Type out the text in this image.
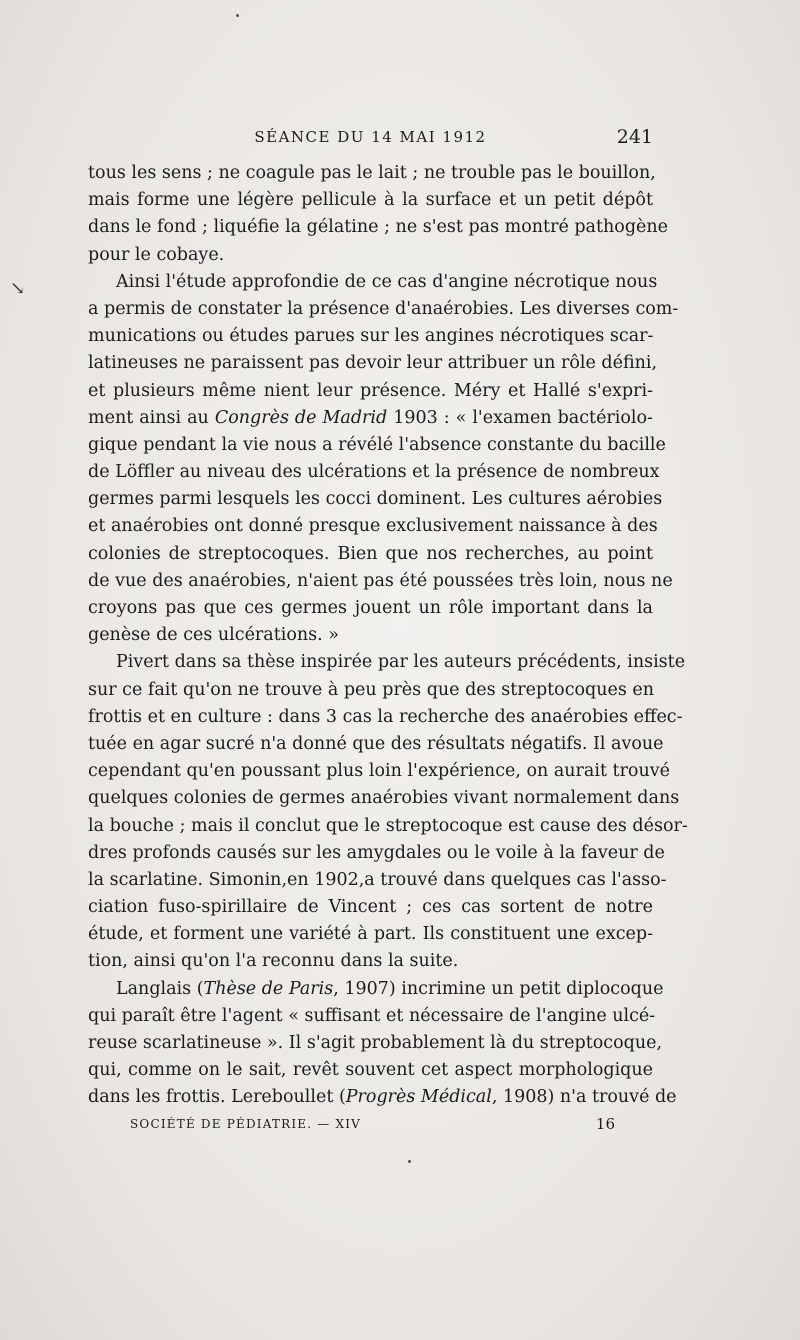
↘
SÉANCE DU 14 MAI 1912	241
tous les sens ; ne coagule pas le lait ; ne trouble pas le bouillon,
mais forme une légère pellicule à la surface et un petit dépôt
dans le fond ; liquéfie la gélatine ; ne s'est pas montré pathogène
pour le cobaye.
Ainsi l'étude approfondie de ce cas d'angine nécrotique nous
a permis de constater la présence d'anaérobies. Les diverses com-
munications ou études parues sur les angines nécrotiques scar-
latineuses ne paraissent pas devoir leur attribuer un rôle défini,
et plusieurs même nient leur présence. Méry et Hallé s'expri-
ment ainsi au Congrès de Madrid 1903 : « l'examen bactériolo-
gique pendant la vie nous a révélé l'absence constante du bacille
de Löffler au niveau des ulcérations et la présence de nombreux
germes parmi lesquels les cocci dominent. Les cultures aérobies
et anaérobies ont donné presque exclusivement naissance à des
colonies de streptocoques. Bien que nos recherches, au point
de vue des anaérobies, n'aient pas été poussées très loin, nous ne
croyons pas que ces germes jouent un rôle important dans la
genèse de ces ulcérations. »
Pivert dans sa thèse inspirée par les auteurs précédents, insiste
sur ce fait qu'on ne trouve à peu près que des streptocoques en
frottis et en culture : dans 3 cas la recherche des anaérobies effec-
tuée en agar sucré n'a donné que des résultats négatifs. Il avoue
cependant qu'en poussant plus loin l'expérience, on aurait trouvé
quelques colonies de germes anaérobies vivant normalement dans
la bouche ; mais il conclut que le streptocoque est cause des désor-
dres profonds causés sur les amygdales ou le voile à la faveur de
la scarlatine. Simonin,en 1902,a trouvé dans quelques cas l'asso-
ciation fuso-spirillaire de Vincent ; ces cas sortent de notre
étude, et forment une variété à part. Ils constituent une excep-
tion, ainsi qu'on l'a reconnu dans la suite.
Langlais (Thèse de Paris, 1907) incrimine un petit diplocoque
qui paraît être l'agent « suffisant et nécessaire de l'angine ulcé-
reuse scarlatineuse ». Il s'agit probablement là du streptocoque,
qui, comme on le sait, revêt souvent cet aspect morphologique
dans les frottis. Lereboullet (Progrès Médical, 1908) n'a trouvé de
SOCIÉTÉ DE PÉDIATRIE. — XIV	16
